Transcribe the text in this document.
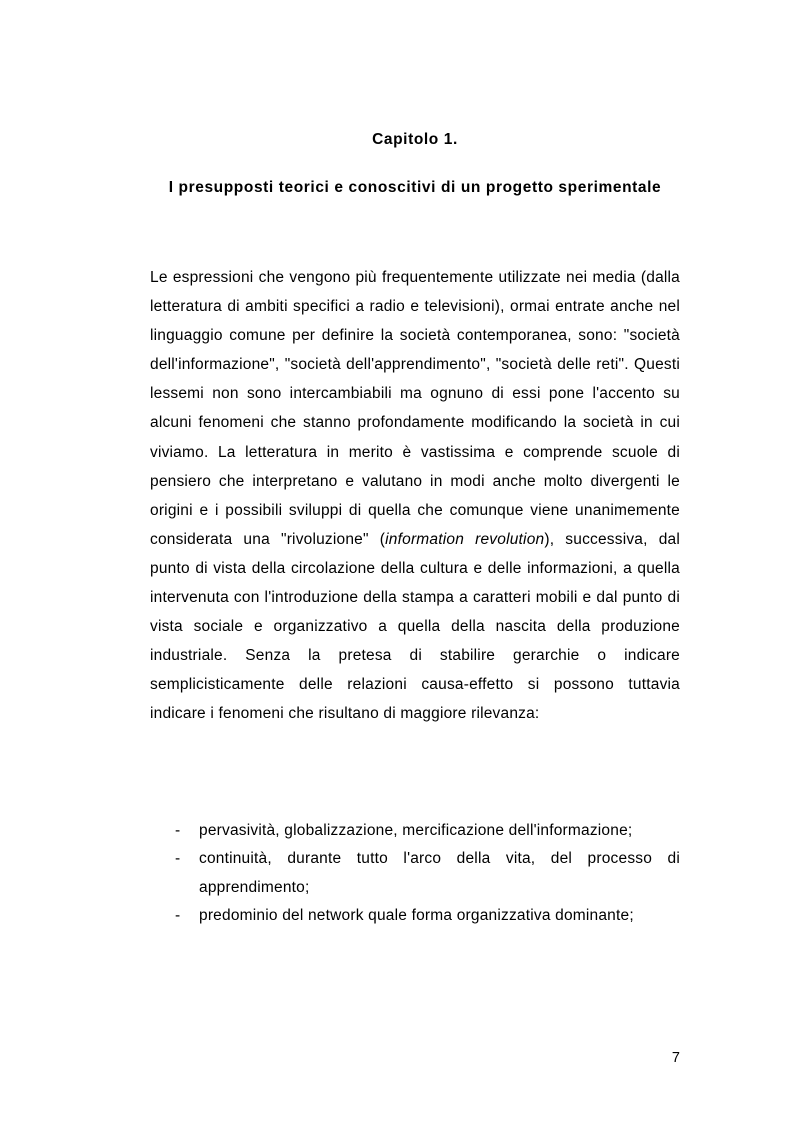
Capitolo 1.
I presupposti teorici e conoscitivi di un progetto sperimentale

Le espressioni che vengono più frequentemente utilizzate nei media (dalla letteratura di ambiti specifici a radio e televisioni), ormai entrate anche nel linguaggio comune per definire la società contemporanea, sono: "società dell'informazione", "società dell'apprendimento", "società delle reti". Questi lessemi non sono intercambiabili ma ognuno di essi pone l'accento su alcuni fenomeni che stanno profondamente modificando la società in cui viviamo. La letteratura in merito è vastissima e comprende scuole di pensiero che interpretano e valutano in modi anche molto divergenti le origini e i possibili sviluppi di quella che comunque viene unanimemente considerata una "rivoluzione" (information revolution), successiva, dal punto di vista della circolazione della cultura e delle informazioni, a quella intervenuta con l'introduzione della stampa a caratteri mobili e dal punto di vista sociale e organizzativo a quella della nascita della produzione industriale. Senza la pretesa di stabilire gerarchie o indicare semplicisticamente delle relazioni causa-effetto si possono tuttavia indicare i fenomeni che risultano di maggiore rilevanza:

- pervasività, globalizzazione, mercificazione dell'informazione;
- continuità, durante tutto l'arco della vita, del processo di apprendimento;
- predominio del network quale forma organizzativa dominante;
7
